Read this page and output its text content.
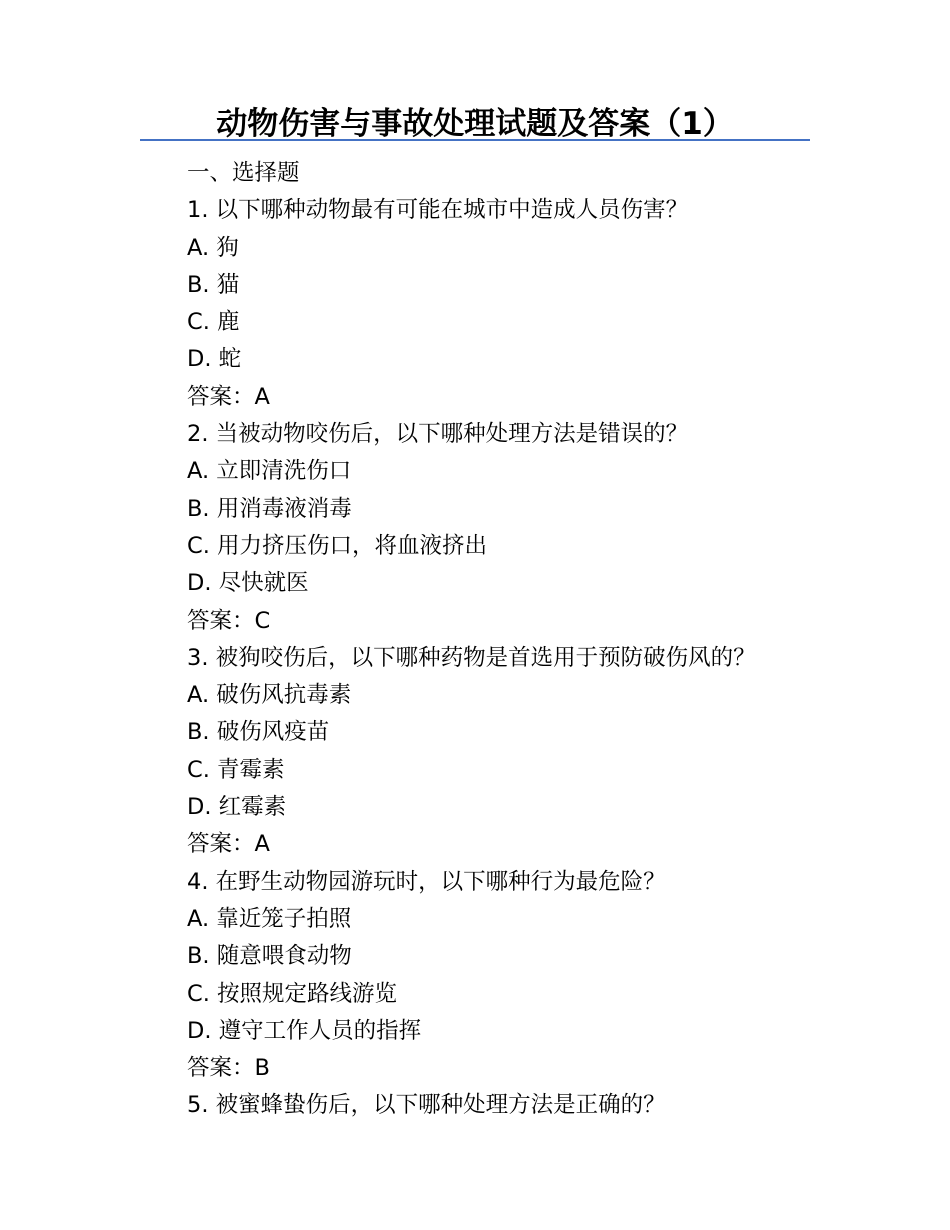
动物伤害与事故处理试题及答案（1）
一、选择题
1. 以下哪种动物最有可能在城市中造成人员伤害？
A. 狗
B. 猫
C. 鹿
D. 蛇
答案：A
2. 当被动物咬伤后，以下哪种处理方法是错误的？
A. 立即清洗伤口
B. 用消毒液消毒
C. 用力挤压伤口，将血液挤出
D. 尽快就医
答案：C
3. 被狗咬伤后，以下哪种药物是首选用于预防破伤风的？
A. 破伤风抗毒素
B. 破伤风疫苗
C. 青霉素
D. 红霉素
答案：A
4. 在野生动物园游玩时，以下哪种行为最危险？
A. 靠近笼子拍照
B. 随意喂食动物
C. 按照规定路线游览
D. 遵守工作人员的指挥
答案：B
5. 被蜜蜂蛰伤后，以下哪种处理方法是正确的？
